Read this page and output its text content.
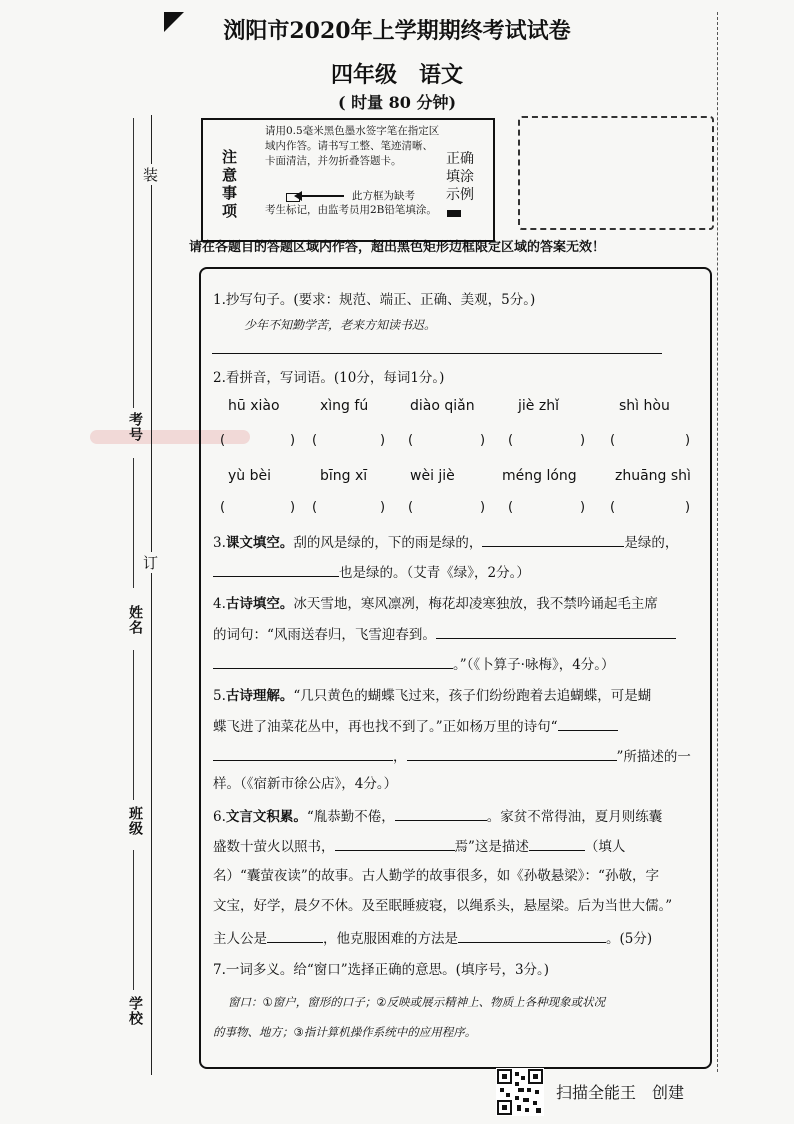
浏阳市2020年上学期期终考试试卷
四年级　语文
( 时量 80 分钟)
装
订
考号
姓名
班级
学校
注意事项
请用0.5毫米黑色墨水签字笔在指定区域内作答。请书写工整、笔迹清晰、卡面清洁，并勿折叠答题卡。
此方框为缺考
考生标记，由监考员用2B铅笔填涂。
正确填涂示例
请在各题目的答题区域内作答，超出黑色矩形边框限定区域的答案无效！
1.抄写句子。(要求：规范、端正、正确、美观，5分。)
少年不知勤学苦，老来方知读书迟。
2.看拼音，写词语。(10分，每词1分。)
hū xiào	xìng fú	diào qiǎn	jiè zhǐ	shì hòu
(	) (	) (	) (	) (	)
yù bèi	bīng xī	wèi jiè	méng lóng	zhuāng shì
(	) (	) (	) (	) (	)
3.课文填空。刮的风是绿的，下的雨是绿的，	是绿的，
也是绿的。（艾青《绿》，2分。）
4.古诗填空。冰天雪地，寒风凛冽，梅花却凌寒独放，我不禁吟诵起毛主席
的词句：“风雨送春归，飞雪迎春到。
。”（《卜算子·咏梅》，4分。）
5.古诗理解。“几只黄色的蝴蝶飞过来，孩子们纷纷跑着去追蝴蝶，可是蝴
蝶飞进了油菜花丛中，再也找不到了。”正如杨万里的诗句“
，	”所描述的一
样。（《宿新市徐公店》，4分。）
6.文言文积累。“胤恭勤不倦，	。家贫不常得油，夏月则练囊
盛数十萤火以照书，	焉”这是描述	（填人
名）“囊萤夜读”的故事。古人勤学的故事很多，如《孙敬悬梁》：“孙敬，字
文宝，好学，晨夕不休。及至眠睡疲寝，以绳系头，悬屋梁。后为当世大儒。”
主人公是	，他克服困难的方法是	。(5分)
7.一词多义。给“窗口”选择正确的意思。(填序号，3分。)
窗口：①窗户，窗形的口子；②反映或展示精神上、物质上各种现象或状况
的事物、地方；③指计算机操作系统中的应用程序。
扫描全能王　创建
